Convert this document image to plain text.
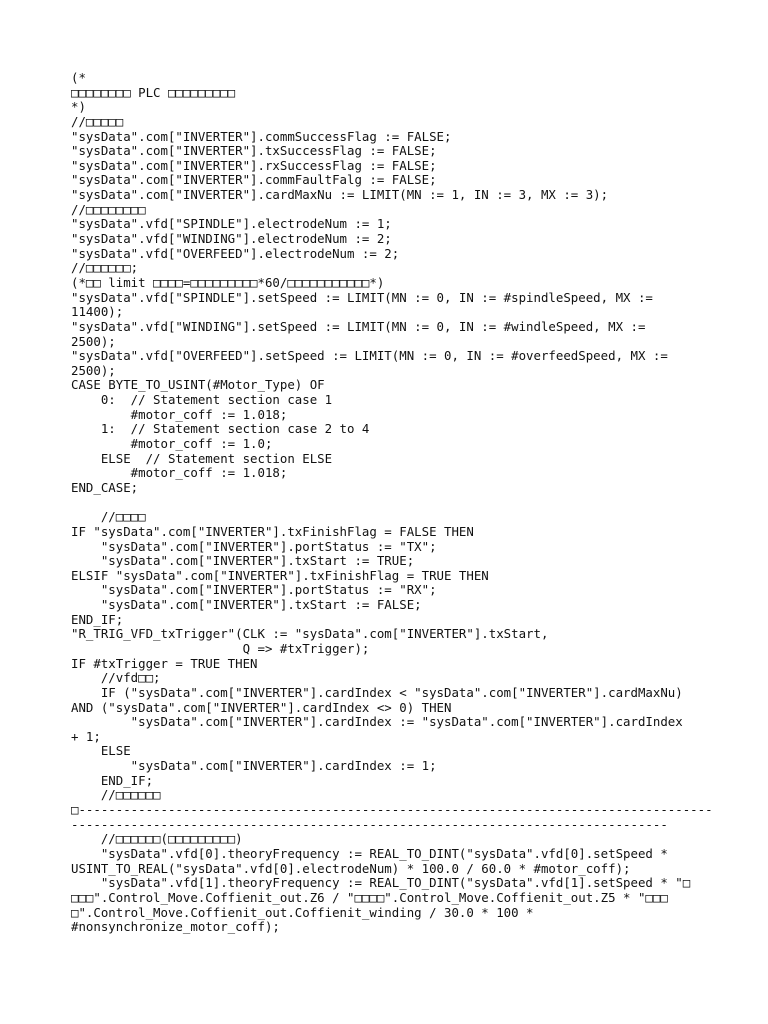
(*
□□□□□□□□ PLC □□□□□□□□□
*)
//□□□□□
"sysData".com["INVERTER"].commSuccessFlag := FALSE;
"sysData".com["INVERTER"].txSuccessFlag := FALSE;
"sysData".com["INVERTER"].rxSuccessFlag := FALSE;
"sysData".com["INVERTER"].commFaultFalg := FALSE;
"sysData".com["INVERTER"].cardMaxNu := LIMIT(MN := 1, IN := 3, MX := 3);
//□□□□□□□□
"sysData".vfd["SPINDLE"].electrodeNum := 1;
"sysData".vfd["WINDING"].electrodeNum := 2;
"sysData".vfd["OVERFEED"].electrodeNum := 2;
//□□□□□□;
(*□□ limit □□□□=□□□□□□□□□*60/□□□□□□□□□□□*)
"sysData".vfd["SPINDLE"].setSpeed := LIMIT(MN := 0, IN := #spindleSpeed, MX :=
11400);
"sysData".vfd["WINDING"].setSpeed := LIMIT(MN := 0, IN := #windleSpeed, MX :=
2500);
"sysData".vfd["OVERFEED"].setSpeed := LIMIT(MN := 0, IN := #overfeedSpeed, MX :=
2500);
CASE BYTE_TO_USINT(#Motor_Type) OF
0:  // Statement section case 1
#motor_coff := 1.018;
1:  // Statement section case 2 to 4
#motor_coff := 1.0;
ELSE  // Statement section ELSE
#motor_coff := 1.018;
END_CASE;
//□□□□
IF "sysData".com["INVERTER"].txFinishFlag = FALSE THEN
"sysData".com["INVERTER"].portStatus := "TX";
"sysData".com["INVERTER"].txStart := TRUE;
ELSIF "sysData".com["INVERTER"].txFinishFlag = TRUE THEN
"sysData".com["INVERTER"].portStatus := "RX";
"sysData".com["INVERTER"].txStart := FALSE;
END_IF;
"R_TRIG_VFD_txTrigger"(CLK := "sysData".com["INVERTER"].txStart,
Q => #txTrigger);
IF #txTrigger = TRUE THEN
//vfd□□;
IF ("sysData".com["INVERTER"].cardIndex < "sysData".com["INVERTER"].cardMaxNu)
AND ("sysData".com["INVERTER"].cardIndex <> 0) THEN
"sysData".com["INVERTER"].cardIndex := "sysData".com["INVERTER"].cardIndex
+ 1;
ELSE
"sysData".com["INVERTER"].cardIndex := 1;
END_IF;
//□□□□□□
□-------------------------------------------------------------------------------------
--------------------------------------------------------------------------------
//□□□□□□(□□□□□□□□□)
"sysData".vfd[0].theoryFrequency := REAL_TO_DINT("sysData".vfd[0].setSpeed *
USINT_TO_REAL("sysData".vfd[0].electrodeNum) * 100.0 / 60.0 * #motor_coff);
"sysData".vfd[1].theoryFrequency := REAL_TO_DINT("sysData".vfd[1].setSpeed * "□
□□□".Control_Move.Coffienit_out.Z6 / "□□□□".Control_Move.Coffienit_out.Z5 * "□□□
□".Control_Move.Coffienit_out.Coffienit_winding / 30.0 * 100 *
#nonsynchronize_motor_coff);
